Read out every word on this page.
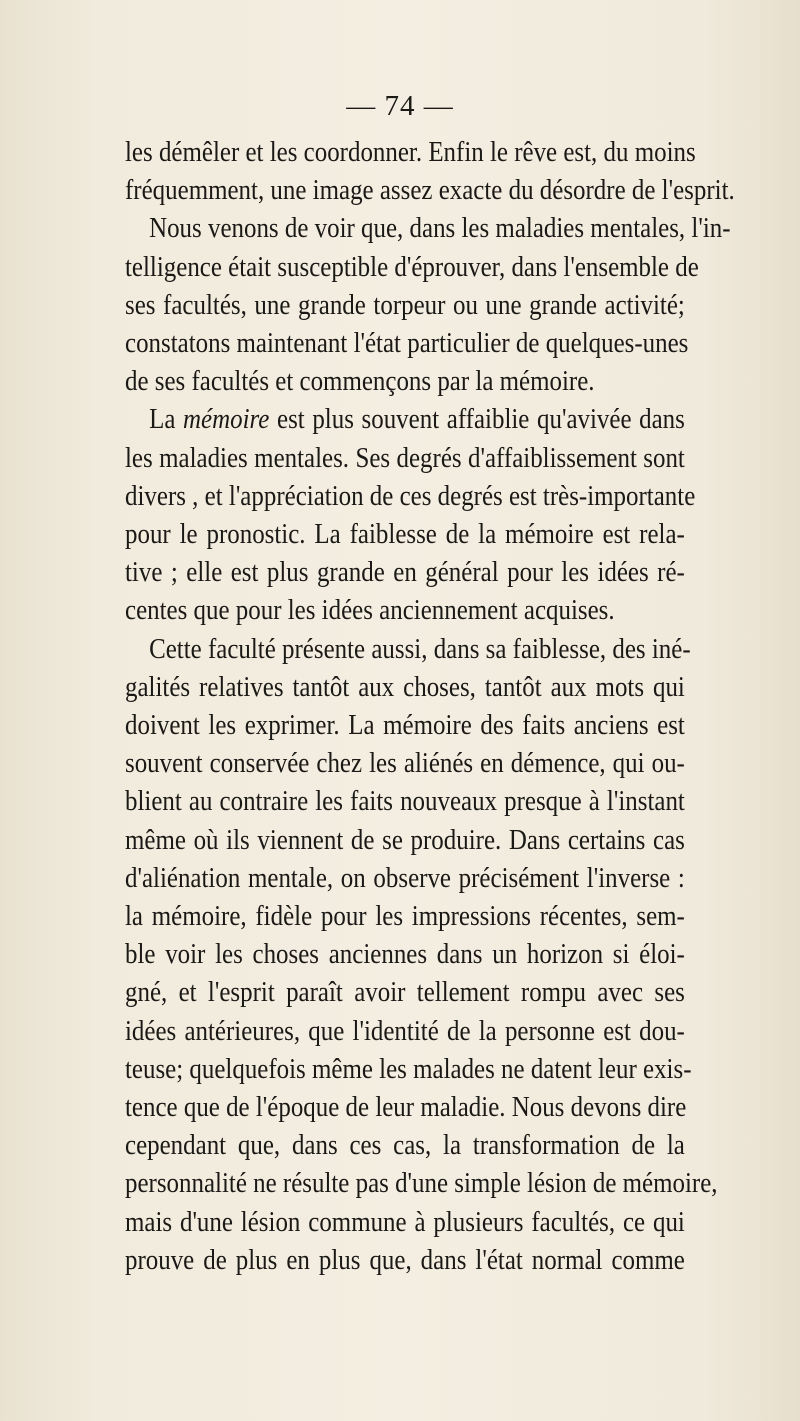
— 74 —
les démêler et les coordonner. Enfin le rêve est, du moins
fréquemment, une image assez exacte du désordre de l'esprit.
Nous venons de voir que, dans les maladies mentales, l'in-
telligence était susceptible d'éprouver, dans l'ensemble de
ses facultés, une grande torpeur ou une grande activité;
constatons maintenant l'état particulier de quelques-unes
de ses facultés et commençons par la mémoire.
La mémoire est plus souvent affaiblie qu'avivée dans
les maladies mentales. Ses degrés d'affaiblissement sont
divers , et l'appréciation de ces degrés est très-importante
pour le pronostic. La faiblesse de la mémoire est rela-
tive ; elle est plus grande en général pour les idées ré-
centes que pour les idées anciennement acquises.
Cette faculté présente aussi, dans sa faiblesse, des iné-
galités relatives tantôt aux choses, tantôt aux mots qui
doivent les exprimer. La mémoire des faits anciens est
souvent conservée chez les aliénés en démence, qui ou-
blient au contraire les faits nouveaux presque à l'instant
même où ils viennent de se produire. Dans certains cas
d'aliénation mentale, on observe précisément l'inverse :
la mémoire, fidèle pour les impressions récentes, sem-
ble voir les choses anciennes dans un horizon si éloi-
gné, et l'esprit paraît avoir tellement rompu avec ses
idées antérieures, que l'identité de la personne est dou-
teuse; quelquefois même les malades ne datent leur exis-
tence que de l'époque de leur maladie. Nous devons dire
cependant que, dans ces cas, la transformation de la
personnalité ne résulte pas d'une simple lésion de mémoire,
mais d'une lésion commune à plusieurs facultés, ce qui
prouve de plus en plus que, dans l'état normal comme
